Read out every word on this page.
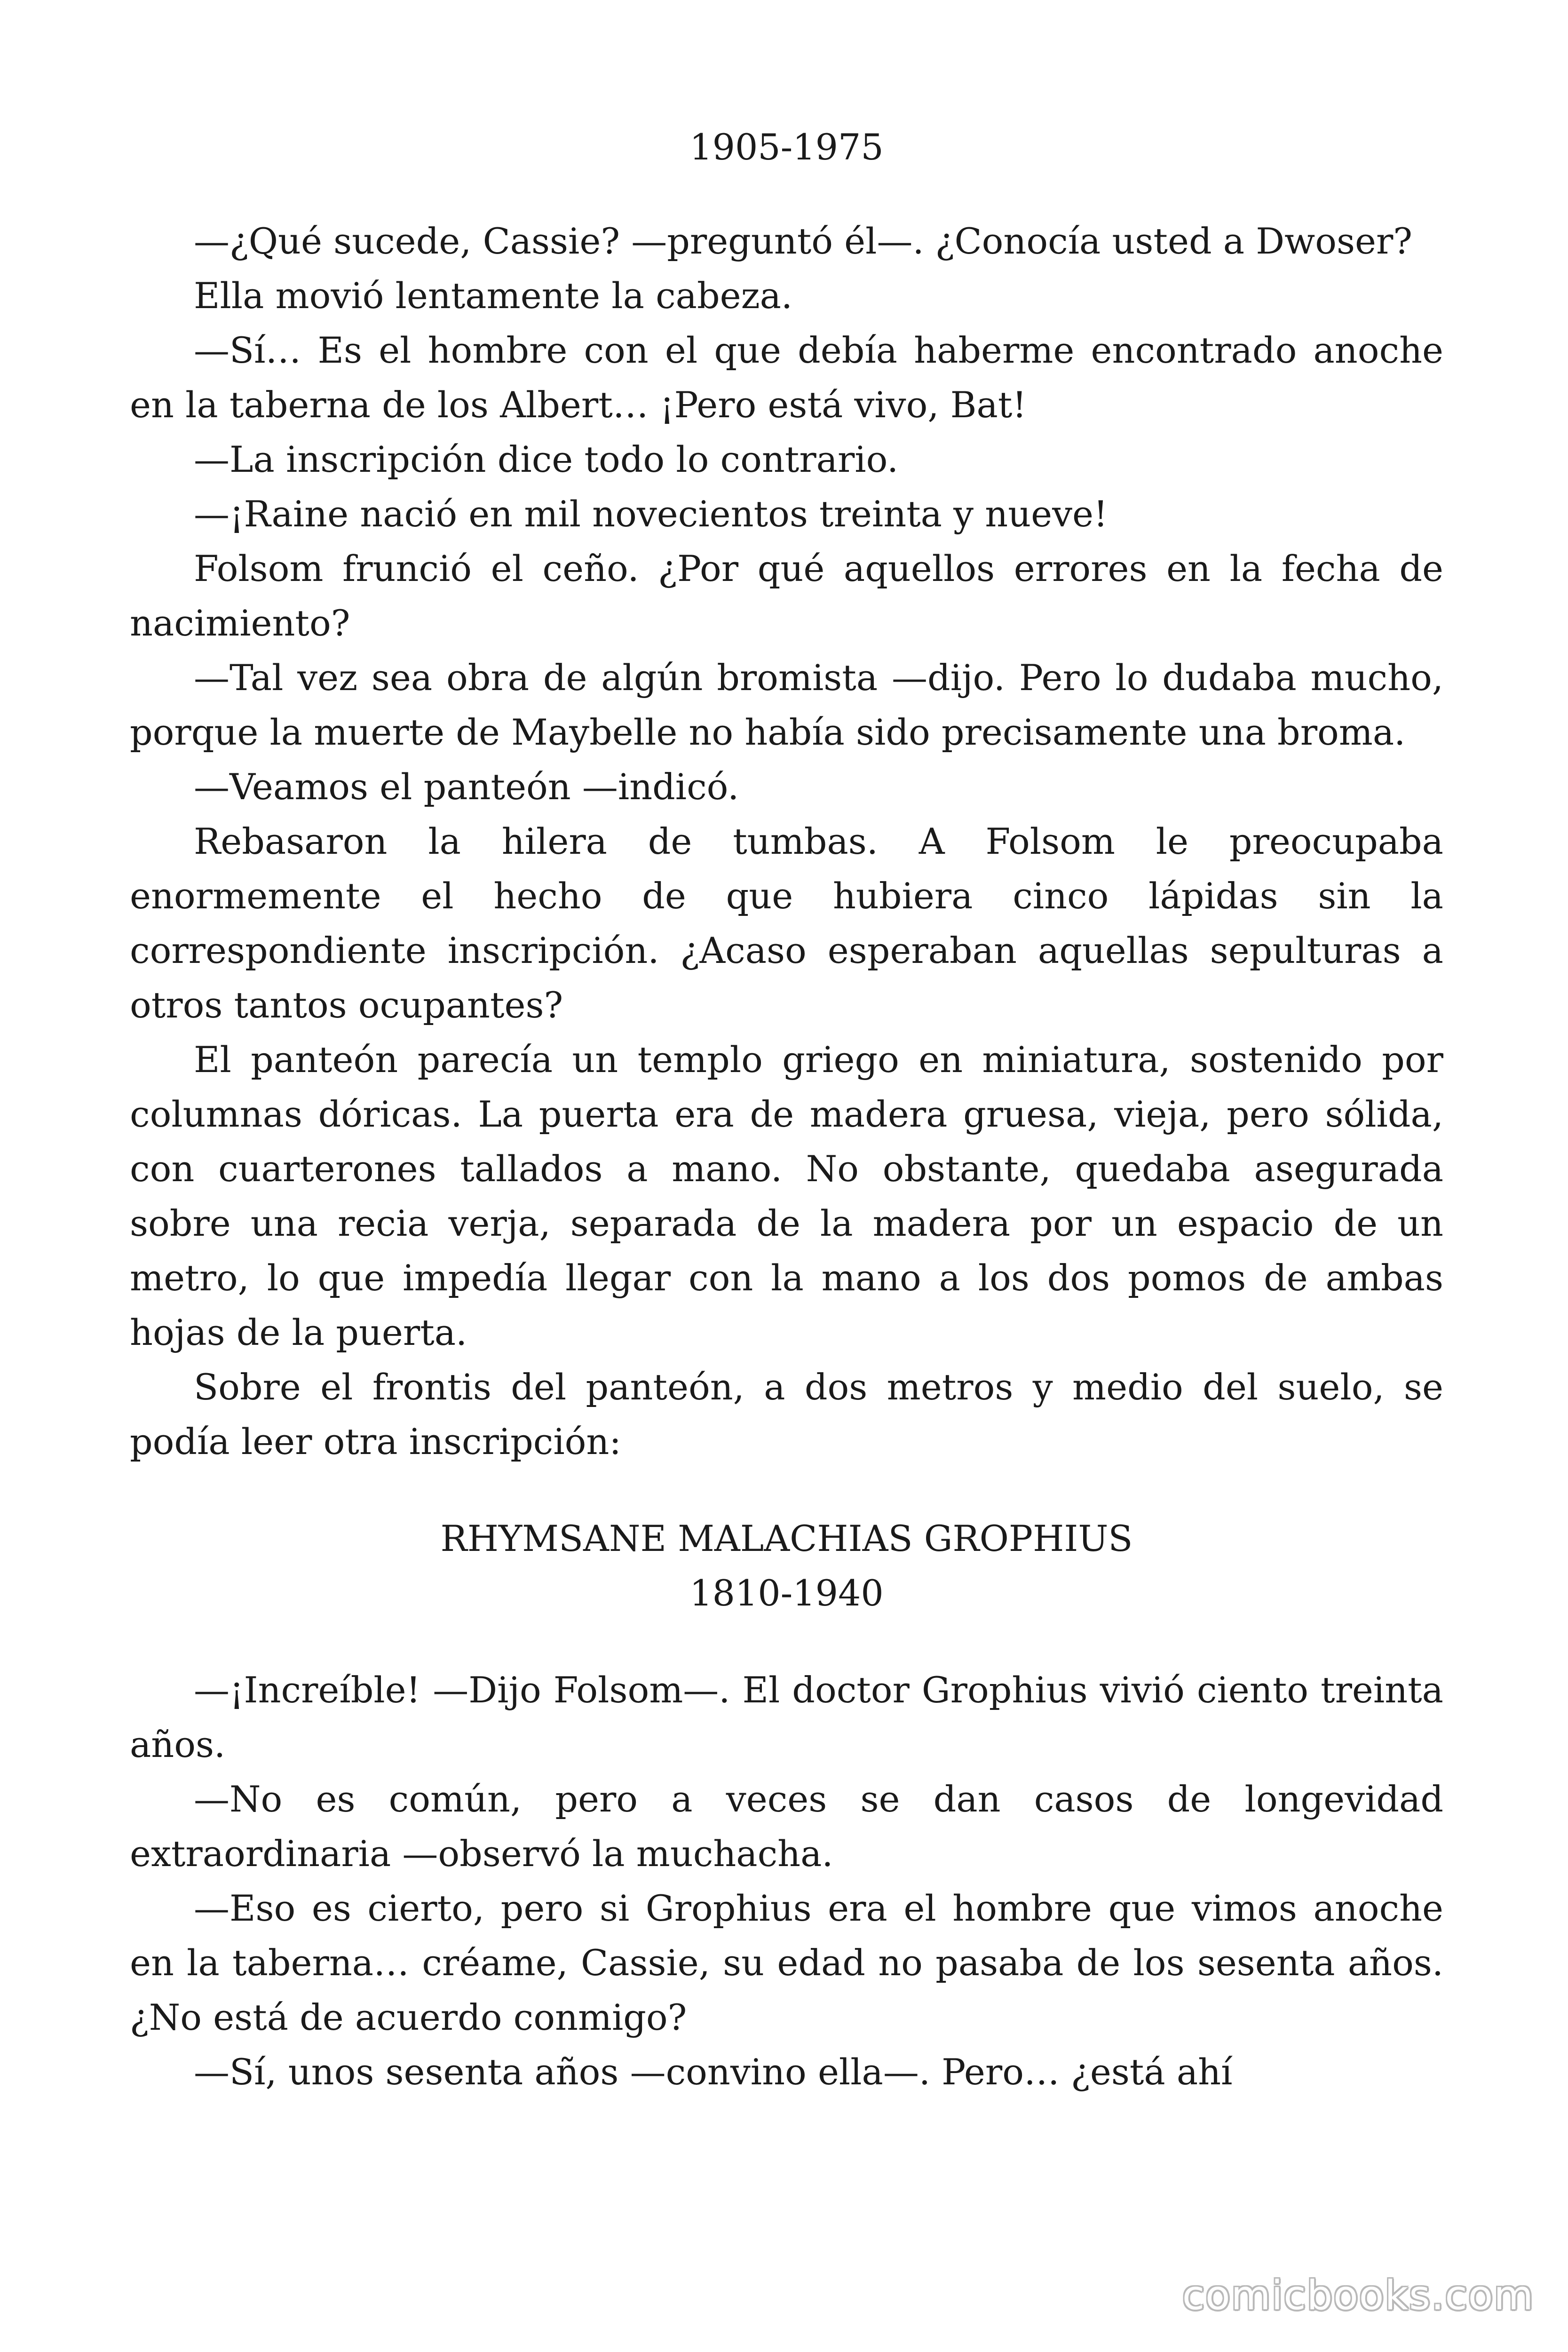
1905-1975

—¿Qué sucede, Cassie? —preguntó él—. ¿Conocía usted a Dwoser?

Ella movió lentamente la cabeza.

—Sí… Es el hombre con el que debía haberme encontrado anoche en la taberna de los Albert… ¡Pero está vivo, Bat!

—La inscripción dice todo lo contrario.

—¡Raine nació en mil novecientos treinta y nueve!

Folsom frunció el ceño. ¿Por qué aquellos errores en la fecha de nacimiento?

—Tal vez sea obra de algún bromista —dijo. Pero lo dudaba mucho, porque la muerte de Maybelle no había sido precisamente una broma.

—Veamos el panteón —indicó.

Rebasaron la hilera de tumbas. A Folsom le preocupaba enormemente el hecho de que hubiera cinco lápidas sin la correspondiente inscripción. ¿Acaso esperaban aquellas sepulturas a otros tantos ocupantes?

El panteón parecía un templo griego en miniatura, sostenido por columnas dóricas. La puerta era de madera gruesa, vieja, pero sólida, con cuarterones tallados a mano. No obstante, quedaba asegurada sobre una recia verja, separada de la madera por un espacio de un metro, lo que impedía llegar con la mano a los dos pomos de ambas hojas de la puerta.

Sobre el frontis del panteón, a dos metros y medio del suelo, se podía leer otra inscripción:

RHYMSANE MALACHIAS GROPHIUS
1810-1940

—¡Increíble! —Dijo Folsom—. El doctor Grophius vivió ciento treinta años.

—No es común, pero a veces se dan casos de longevidad extraordinaria —observó la muchacha.

—Eso es cierto, pero si Grophius era el hombre que vimos anoche en la taberna… créame, Cassie, su edad no pasaba de los sesenta años. ¿No está de acuerdo conmigo?

—Sí, unos sesenta años —convino ella—. Pero… ¿está ahí

comicbooks.com
